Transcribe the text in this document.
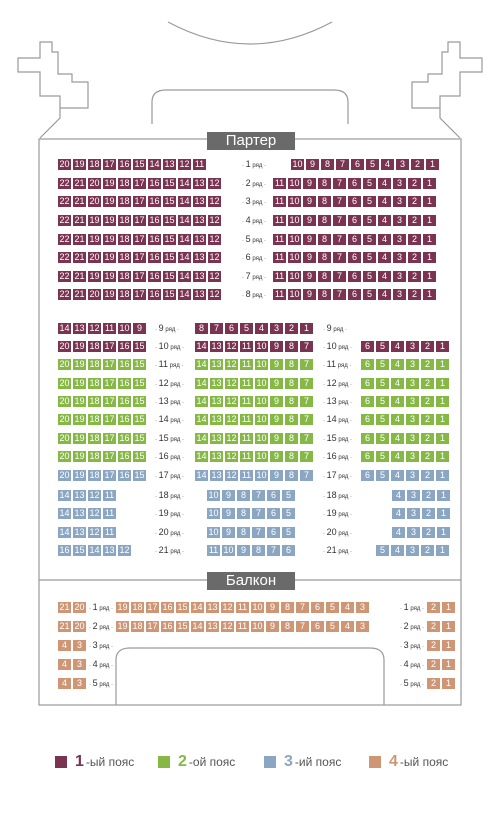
Партер
Балкон
20 19 18 17 16 15 14 13 12 11	10 9	8	7	6	5	4	3	2	1
· 1 ряд ·
22 21 20 19 18 17 16 15 14 13 12	11 10 9	8	7	6	5	4	3	2	1
· 2 ряд ·
22 21 20 19 18 17 16 15 14 13 12	11 10 9	8	7	6	5	4	3	2	1
· 3 ряд ·
22 21 19 19 18 17 16 15 14 13 12	11 10 9	8	7	6	5	4	3	2	1
· 4 ряд ·
22 21 19 19 18 17 16 15 14 13 12	11 10 9	8	7	6	5	4	3	2	1
· 5 ряд ·
22 21 20 19 18 17 16 15 14 13 12	11 10 9	8	7	6	5	4	3	2	1
· 6 ряд ·
22 21 19 19 18 17 16 15 14 13 12	11 10 9	8	7	6	5	4	3	2	1
· 7 ряд ·
22 21 20 19 18 17 16 15 14 13 12	11 10 9	8	7	6	5	4	3	2	1
· 8 ряд ·
14 13 12 11 10 9	8	7	6	5	4	3	2	1
· 9 ряд ·	· 9 ряд ·
20 19 18 17 16 15	14 13 12 11 10 9	8	7	6	5	4	3	2	1
· 10 ряд ·	· 10 ряд ·
20 19 18 17 16 15	14 13 12 11 10 9	8	7	6	5	4	3	2	1
· 11 ряд ·	· 11 ряд ·
20 19 18 17 16 15	14 13 12 11 10 9	8	7	6	5	4	3	2	1
· 12 ряд ·	· 12 ряд ·
20 19 18 17 16 15	14 13 12 11 10 9	8	7	6	5	4	3	2	1
· 13 ряд ·	· 13 ряд ·
20 19 18 17 16 15	14 13 12 11 10 9	8	7	6	5	4	3	2	1
· 14 ряд ·	· 14 ряд ·
20 19 18 17 16 15	14 13 12 11 10 9	8	7	6	5	4	3	2	1
· 15 ряд ·	· 15 ряд ·
20 19 18 17 16 15	14 13 12 11 10 9	8	7	6	5	4	3	2	1
· 16 ряд ·	· 16 ряд ·
20 19 18 17 16 15	14 13 12 11 10 9	8	7	6	5	4	3	2	1
· 17 ряд ·	· 17 ряд ·
14 13 12 11	10 9	8	7	6	5	4	3	2	1
· 18 ряд ·	· 18 ряд ·
14 13 12 11	10 9	8	7	6	5	4	3	2	1
· 19 ряд ·	· 19 ряд ·
14 13 12 11	10 9	8	7	6	5	4	3	2	1
· 20 ряд ·	· 20 ряд ·
16 15 14 13 12	11 10 9	8	7	6	5	4	3	2	1
· 21 ряд ·	· 21 ряд ·
21 20	19 18 17 16 15 14 13 12 11 10 9	8	7	6	5	4	3	2	1
· 1 ряд ·	· 1 ряд ·
21 20	19 18 17 16 15 14 13 12 11 10 9	8	7	6	5	4	3	2	1
· 2 ряд ·	· 2 ряд ·
4	3	2	1
· 3 ряд ·	· 3 ряд ·
4	3	2	1
· 4 ряд ·	· 4 ряд ·
4	3	2	1
· 5 ряд ·	· 5 ряд ·
1 -ый пояс	2 -ой пояс	3 -ий пояс	4 -ый пояс
